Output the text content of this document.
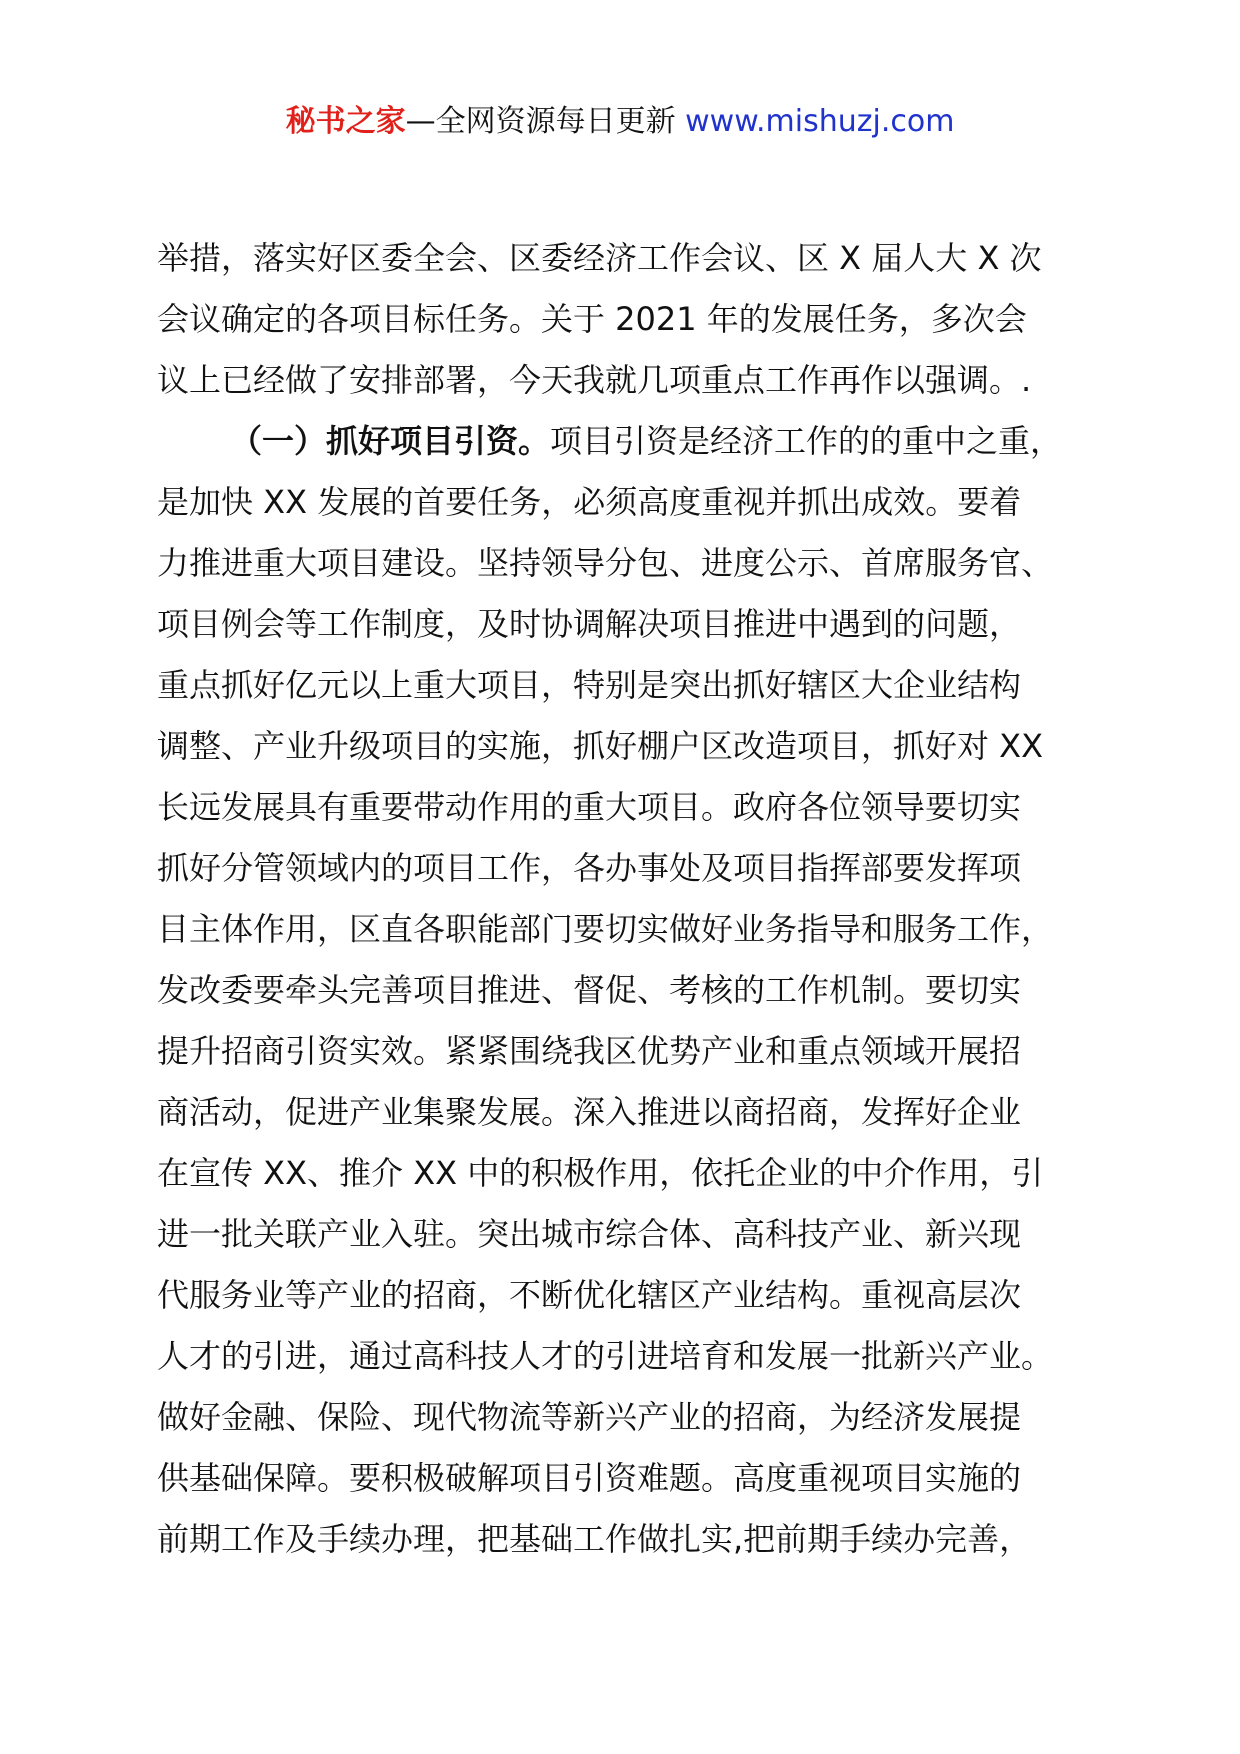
秘书之家—全网资源每日更新 www.mishuzj.com
举措，落实好区委全会、区委经济工作会议、区 X 届人大 X 次
会议确定的各项目标任务。关于 2021 年的发展任务，多次会
议上已经做了安排部署，今天我就几项重点工作再作以强调。.
（一）抓好项目引资。项目引资是经济工作的的重中之重，
是加快 XX 发展的首要任务，必须高度重视并抓出成效。要着
力推进重大项目建设。坚持领导分包、进度公示、首席服务官、
项目例会等工作制度，及时协调解决项目推进中遇到的问题，
重点抓好亿元以上重大项目，特别是突出抓好辖区大企业结构
调整、产业升级项目的实施，抓好棚户区改造项目，抓好对 XX
长远发展具有重要带动作用的重大项目。政府各位领导要切实
抓好分管领域内的项目工作，各办事处及项目指挥部要发挥项
目主体作用，区直各职能部门要切实做好业务指导和服务工作，
发改委要牵头完善项目推进、督促、考核的工作机制。要切实
提升招商引资实效。紧紧围绕我区优势产业和重点领域开展招
商活动，促进产业集聚发展。深入推进以商招商，发挥好企业
在宣传 XX、推介 XX 中的积极作用，依托企业的中介作用，引
进一批关联产业入驻。突出城市综合体、高科技产业、新兴现
代服务业等产业的招商，不断优化辖区产业结构。重视高层次
人才的引进，通过高科技人才的引进培育和发展一批新兴产业。
做好金融、保险、现代物流等新兴产业的招商，为经济发展提
供基础保障。要积极破解项目引资难题。高度重视项目实施的
前期工作及手续办理，把基础工作做扎实,把前期手续办完善，
